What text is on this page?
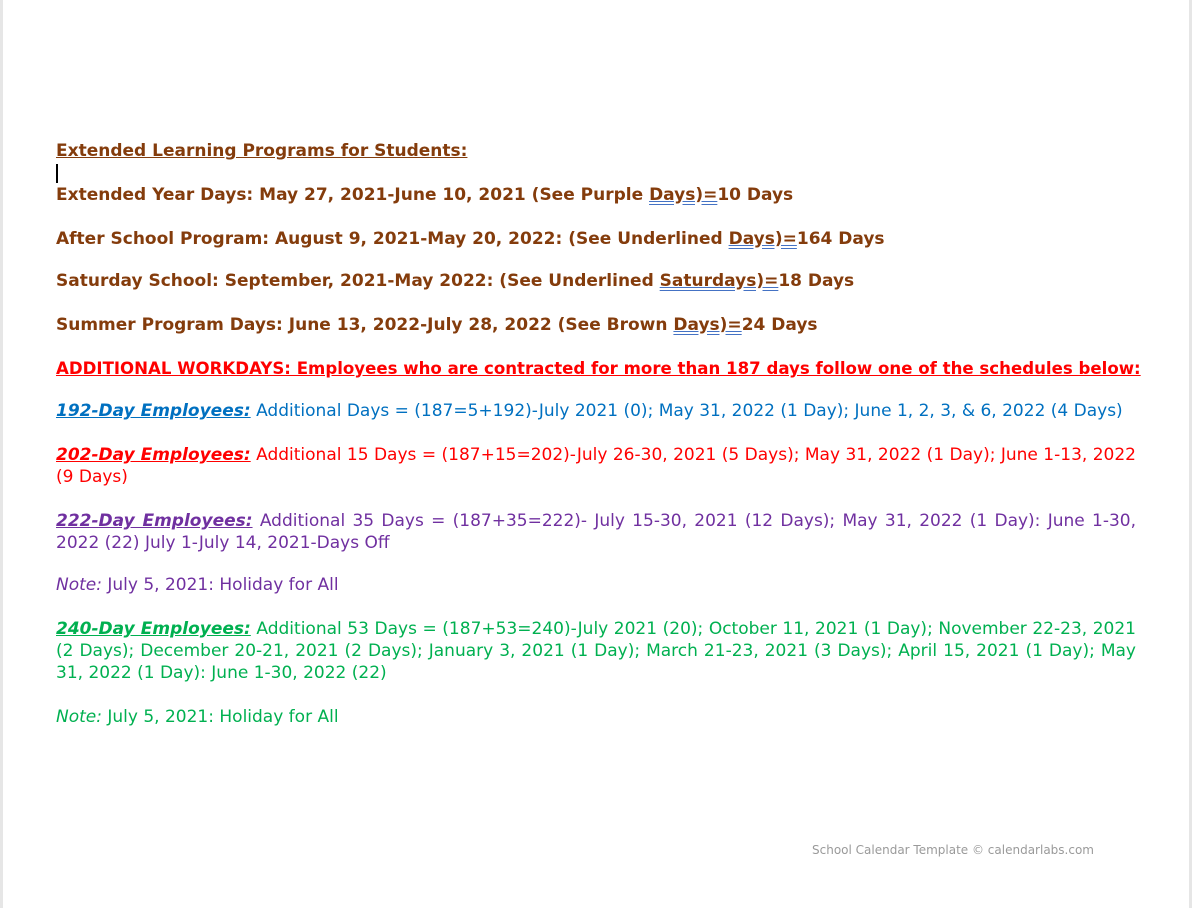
Extended Learning Programs for Students:

Extended Year Days: May 27, 2021-June 10, 2021 (See Purple Days)=10 Days

After School Program: August 9, 2021-May 20, 2022: (See Underlined Days)=164 Days

Saturday School: September, 2021-May 2022: (See Underlined Saturdays)=18 Days

Summer Program Days: June 13, 2022-July 28, 2022 (See Brown Days)=24 Days

ADDITIONAL WORKDAYS: Employees who are contracted for more than 187 days follow one of the schedules below:

192-Day Employees: Additional Days = (187=5+192)-July 2021 (0); May 31, 2022 (1 Day); June 1, 2, 3, & 6, 2022 (4 Days)

202-Day Employees: Additional 15 Days = (187+15=202)-July 26-30, 2021 (5 Days); May 31, 2022 (1 Day); June 1-13, 2022 (9 Days)

222-Day Employees: Additional 35 Days = (187+35=222)- July 15-30, 2021 (12 Days); May 31, 2022 (1 Day): June 1-30, 2022 (22) July 1-July 14, 2021-Days Off

Note: July 5, 2021: Holiday for All

240-Day Employees: Additional 53 Days = (187+53=240)-July 2021 (20); October 11, 2021 (1 Day); November 22-23, 2021 (2 Days); December 20-21, 2021 (2 Days); January 3, 2021 (1 Day); March 21-23, 2021 (3 Days); April 15, 2021 (1 Day); May 31, 2022 (1 Day): June 1-30, 2022 (22)

Note: July 5, 2021: Holiday for All

School Calendar Template © calendarlabs.com
